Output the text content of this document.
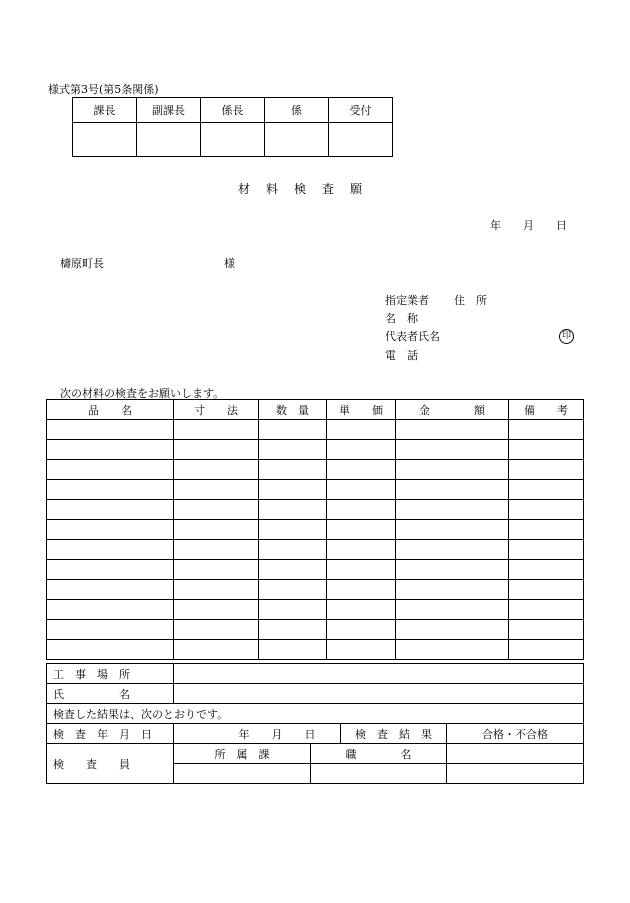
様式第3号(第5条関係)
課長	副課長	係長	係	受付

材　料　検　査　願
年　　月　　日
檮原町長	様
指定業者 住　所
名　称
代表者氏名	印
電　話
次の材料の検査をお願いします。
品　　名	寸　　法	数　量	単　　価	金　　　　額	備　　考

工　事　場　所	

氏　　　　　名	

検査した結果は、次のとおりです。	
検　査　年　月　日	年　　月　　日		検　査　結　果	合格・不合格
検　　査　　員	所　属　課	職　　　　名		
